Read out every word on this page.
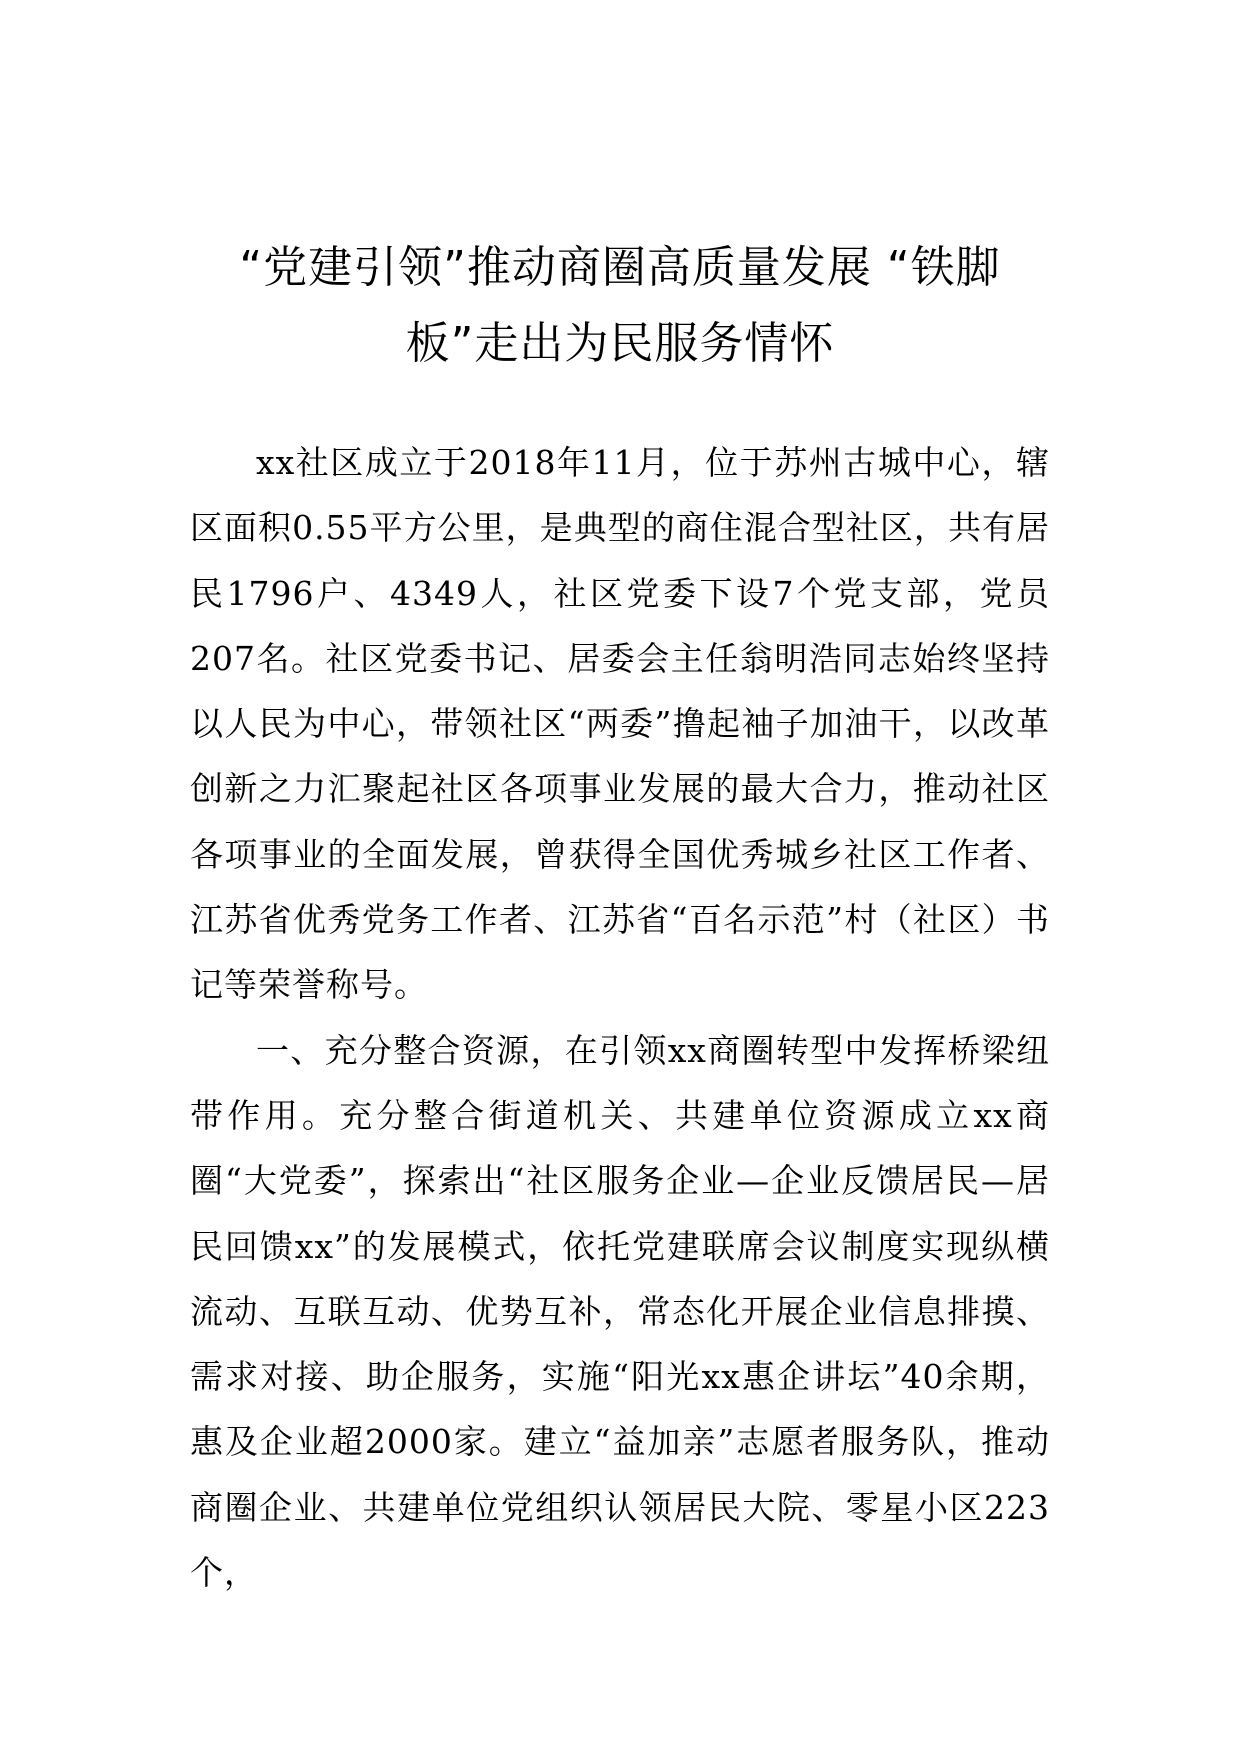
“党建引领”推动商圈高质量发展 “铁脚板”走出为民服务情怀

xx社区成立于2018年11月，位于苏州古城中心，辖区面积0.55平方公里，是典型的商住混合型社区，共有居民1796户、4349人，社区党委下设7个党支部，党员207名。社区党委书记、居委会主任翁明浩同志始终坚持以人民为中心，带领社区“两委”撸起袖子加油干，以改革创新之力汇聚起社区各项事业发展的最大合力，推动社区各项事业的全面发展，曾获得全国优秀城乡社区工作者、江苏省优秀党务工作者、江苏省“百名示范”村（社区）书记等荣誉称号。

一、充分整合资源，在引领xx商圈转型中发挥桥梁纽带作用。充分整合街道机关、共建单位资源成立xx商圈“大党委”，探索出“社区服务企业—企业反馈居民—居民回馈xx”的发展模式，依托党建联席会议制度实现纵横流动、互联互动、优势互补，常态化开展企业信息排摸、需求对接、助企服务，实施“阳光xx惠企讲坛”40余期，惠及企业超2000家。建立“益加亲”志愿者服务队，推动商圈企业、共建单位党组织认领居民大院、零星小区223个，
